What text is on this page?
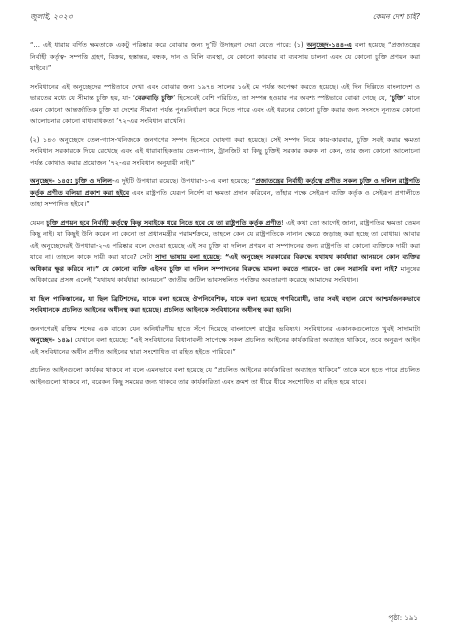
জুলাই, ২০২৩	কেমন দেশ চাই?

“… এই ধারায় বর্ণিত ক্ষমতাকে একটু পরিষ্কার করে বোঝার জন্য দু’টি উদাহরণ দেয়া যেতে পারে: (১) অনুচ্ছেদ-১৪৪-এ বলা হয়েছে “প্রজাতন্ত্রের নির্বাহী কর্তৃত্ব- সম্পত্তি গ্রহণ, বিক্রয়, হস্তান্তর, বন্ধক, দান ও বিলি ব্যবস্থা, যে কোনো কারবার বা ব্যবসায় চালনা এবং যে কোনো চুক্তি প্রণয়ন করা যাইবে।”

সংবিধানের এই অনুচ্ছেদের স্পষ্টতাবে দেখা এবং বোঝার জন্য ১৯৭৪ সালের ১৬ই মে পর্যন্ত অপেক্ষা করতে হয়েছে। এই দিন দিল্লিতে বাংলাদেশ ও ভারতের মধ্যে যে সীমান্ত চুক্তি হয়, যা- ‘বেরুবাড়ি চুক্তি’ হিসেবেই বেশি পরিচিত, তা সম্পন্ন হওয়ার পর অবশ্য স্পষ্টভাবে বোঝা গেছে যে, ‘চুক্তি’ মানে এমন কোনো আন্তর্জাতিক চুক্তি যা দেশের সীমানা পর্যন্ত পুনঃনির্ধারণ করে দিতে পারে এবং এই ধরনের কোনো চুক্তি করার জন্য সংসদে নূন্যতম কোনো আলোচনার কোনো বাধ্যবাধকতা ’৭২-এর সংবিধান রাখেনি।

(২) ১৪৩ অনুচ্ছেদে তেল-গ্যাস-খনিজকে জনগণের সম্পদ হিসেবে ঘোষণা করা হয়েছে। সেই সম্পদ নিয়ে কায়-কারবার, চুক্তি সবই করার ক্ষমতা সংবিধান সরকারকে দিয়ে রেখেছে এবং এই ধারাবাহিকতায় তেল-গ্যাস, ট্রানজিট যা কিছু চুক্তিই সরকার করুক না কেন, তার জন্য কোনো আলোচনা পর্যন্ত কোথাও করার প্রয়োজন ’৭২-এর সংবিধান অনুযায়ী নাই।”

অনুচ্ছেদ- ১৪৫: চুক্তি ও দলিল-এ দুইটি উপধারা রয়েছে। উপধারা-১-এ বলা হয়েছে: “প্রজাতন্ত্রের নির্বাহী কর্তৃত্বে প্রণীত সকল চুক্তি ও দলিল রাষ্ট্রপতি কর্তৃক প্রণীত বলিয়া প্রকাশ করা হইবে এবং রাষ্ট্রপতি যেরূপ নির্দেশ বা ক্ষমতা প্রদান করিবেন, তাঁহার পক্ষে সেইরূপ ব্যক্তি কর্তৃক ও সেইরূপ প্রণালীতে তাহা সম্পাদিত হইবে।”

যেমন চুক্তি প্রণয়ন হবে নির্বাহী কর্তৃত্বে কিন্তু সবাইকে ধরে নিতে হবে যে তা রাষ্ট্রপতি কর্তৃক প্রণীত! এই কথা তো আগেই জানা, রাষ্ট্রপতির ক্ষমতা তেমন কিছু নাই। যা কিছুই উনি করেন না কেনো তা প্রধানমন্ত্রীর পরামর্শক্রমে, তাহলে কেন যে রাষ্ট্রপতিকে নানান ক্ষেত্রে জড়াচ্ছ করা হচ্ছে তা বোধায়। আবার এই অনুচ্ছেদেরই উপধারা-২-এ পরিষ্কার বলে দেওয়া হয়েছে এই সব চুক্তি বা দলিল প্রণয়ন বা সম্পাদনের জন্য রাষ্ট্রপতি বা কোনো ব্যক্তিকে দায়ী করা যাবে না। তাহলে কাকে দায়ী করা যাবে? সেটা সাদা ভাষায় বলা হয়েছে: “এই অনুচ্ছেদ সরকারের বিরুদ্ধে যথাযথ কার্যধারা আনয়নে কোন ব্যক্তির অধিকার ক্ষুণ্ণ করিবে না।” যে কোনো ব্যক্তি এইসব চুক্তি বা দলিল সম্পাদনের বিরুদ্ধে মামলা করতে পারবে- তা কেন সরাসরি বলা নাই? মানুষের অধিকারের প্রসঙ্গ এলেই “যথাযথ কার্যধারা আনয়নে” জাতীয় জটিল ভাবসম্বলিত পংক্তির অবতারণা করেছে আমাদের সংবিধান।

যা ছিল পাকিস্তানের, যা ছিল ব্রিটিশদের, যাকে বলা হয়েছে ঔপনিবেশিক, যাকে বলা হয়েছে গণবিরোধী, তার সবই বহাল রেখে আশ্চর্যজনকভাবে সংবিধানকে প্রচলিত আইনের অধীনস্থ করা হয়েছে। প্রচলিত আইনকে সংবিধানের অধীনস্থ করা হয়নি।

জনগণেরই রক্তিম শব্দের এক বাক্যে যেন অনির্ধারণীয় হাতে সঁপে দিয়েছে বাংলাদেশ রাষ্ট্রের ভবিষ্যৎ। সংবিধানের একানকগুলোতে খুবই সাদামাটা অনুচ্ছেদ- ১৪৯। যেখানে বলা হয়েছে: “এই সংবিধানের বিধানাবলী সাপেক্ষে সকল প্রচলিত আইনের কার্যকারিতা অব্যাহত থাকিবে, তবে অনুরূপ আইন এই সংবিধানের অধীন প্রণীত আইনের দ্বারা সংশোধিত বা রহিত হইতে পারিবে।”

প্রচলিত আইনগুলো কার্যকর থাকবে না বলে এমনভাবে বলা হয়েছে যে “প্রচলিত আইনের কার্যকারিতা অব্যাহত থাকিবে” তাকে মনে হতে পারে প্রচলিত আইনগুলো থাকবে না, বরেকন কিছু সময়ের জন্য থাকবে তার কার্যকারিতা এবং ক্রমশ তা ধীরে ধীরে সংশোধিত বা রহিত হয়ে যাবে।

পৃষ্ঠা: ১৯১
